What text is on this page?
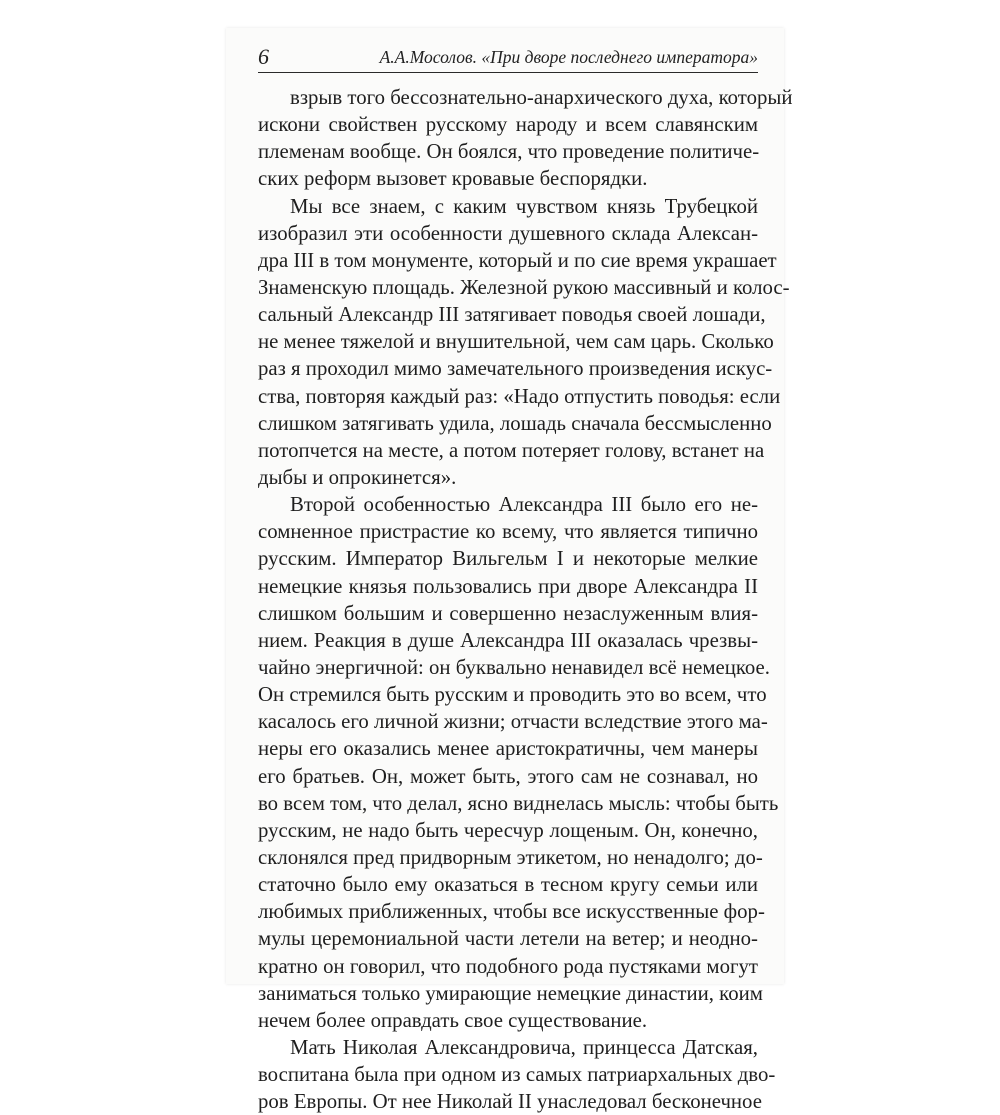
6	А.А.Мосолов. «При дворе последнего императора»
взрыв того бессознательно-анархического духа, который
искони свойствен русскому народу и всем славянским
племенам вообще. Он боялся, что проведение политиче-
ских реформ вызовет кровавые беспорядки.
Мы все знаем, с каким чувством князь Трубецкой
изобразил эти особенности душевного склада Алексан-
дра III в том монументе, который и по сие время украшает
Знаменскую площадь. Железной рукою массивный и колос-
сальный Александр III затягивает поводья своей лошади,
не менее тяжелой и внушительной, чем сам царь. Сколько
раз я проходил мимо замечательного произведения искус-
ства, повторяя каждый раз: «Надо отпустить поводья: если
слишком затягивать удила, лошадь сначала бессмысленно
потопчется на месте, а потом потеряет голову, встанет на
дыбы и опрокинется».
Второй особенностью Александра III было его не-
сомненное пристрастие ко всему, что является типично
русским. Император Вильгельм I и некоторые мелкие
немецкие князья пользовались при дворе Александра II
слишком большим и совершенно незаслуженным влия-
нием. Реакция в душе Александра III оказалась чрезвы-
чайно энергичной: он буквально ненавидел всё немецкое.
Он стремился быть русским и проводить это во всем, что
касалось его личной жизни; отчасти вследствие этого ма-
неры его оказались менее аристократичны, чем манеры
его братьев. Он, может быть, этого сам не сознавал, но
во всем том, что делал, ясно виднелась мысль: чтобы быть
русским, не надо быть чересчур лощеным. Он, конечно,
склонялся пред придворным этикетом, но ненадолго; до-
статочно было ему оказаться в тесном кругу семьи или
любимых приближенных, чтобы все искусственные фор-
мулы церемониальной части летели на ветер; и неодно-
кратно он говорил, что подобного рода пустяками могут
заниматься только умирающие немецкие династии, коим
нечем более оправдать свое существование.
Мать Николая Александровича, принцесса Датская,
воспитана была при одном из самых патриархальных дво-
ров Европы. От нее Николай II унаследовал бесконечное
